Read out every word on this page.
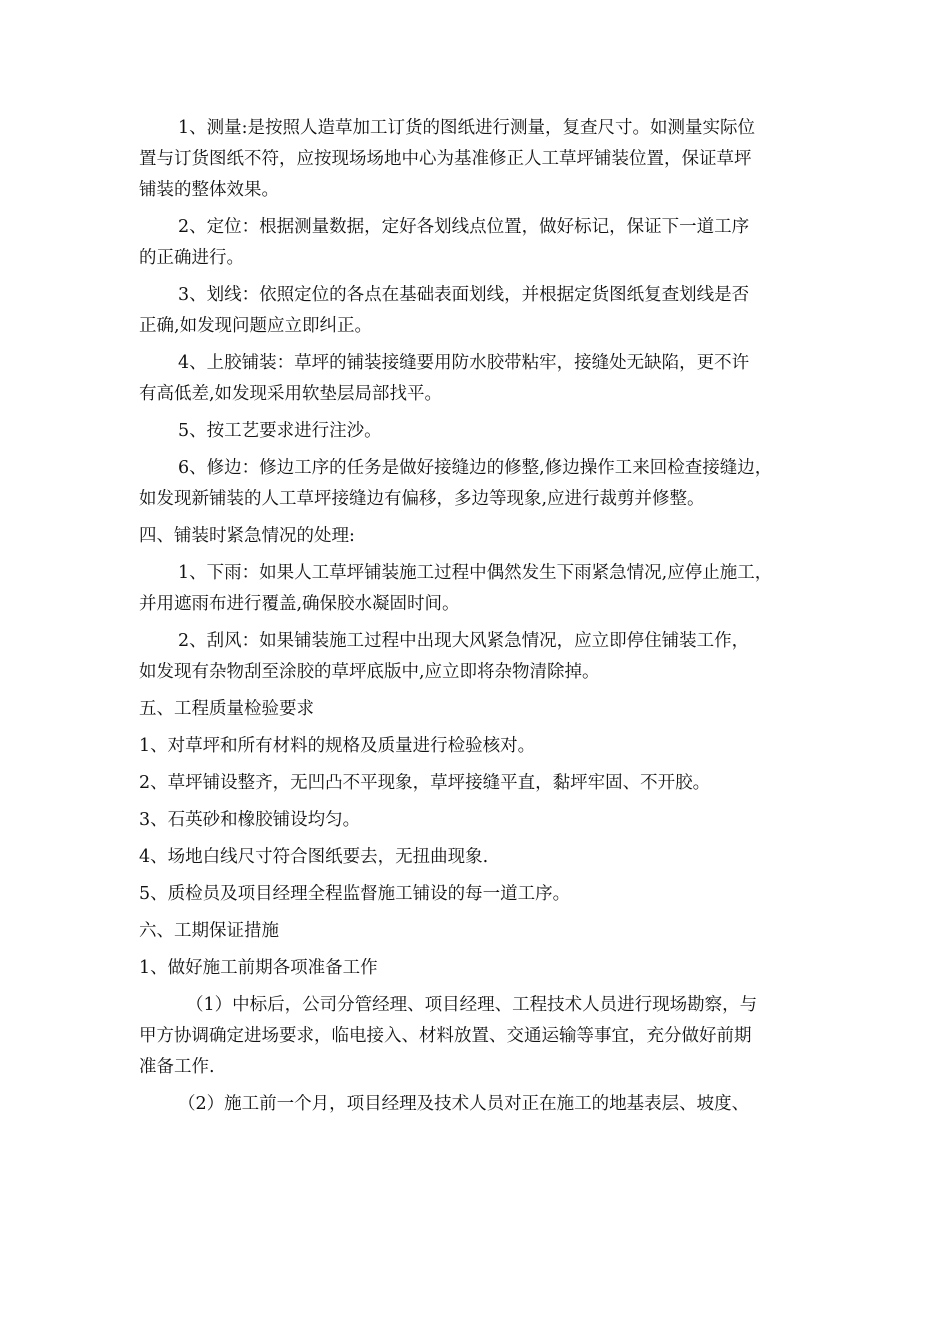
1、测量:是按照人造草加工订货的图纸进行测量，复查尺寸。如测量实际位
置与订货图纸不符，应按现场场地中心为基准修正人工草坪铺装位置，保证草坪
铺装的整体效果。
2、定位：根据测量数据，定好各划线点位置，做好标记，保证下一道工序
的正确进行。
3、划线：依照定位的各点在基础表面划线，并根据定货图纸复查划线是否
正确,如发现问题应立即纠正。
4、上胶铺装：草坪的铺装接缝要用防水胶带粘牢，接缝处无缺陷，更不许
有高低差,如发现采用软垫层局部找平。
5、按工艺要求进行注沙。
6、修边：修边工序的任务是做好接缝边的修整,修边操作工来回检查接缝边，
如发现新铺装的人工草坪接缝边有偏移，多边等现象,应进行裁剪并修整。
四、铺装时紧急情况的处理:
1、下雨：如果人工草坪铺装施工过程中偶然发生下雨紧急情况,应停止施工，
并用遮雨布进行覆盖,确保胶水凝固时间。
2、刮风：如果铺装施工过程中出现大风紧急情况，应立即停住铺装工作，
如发现有杂物刮至涂胶的草坪底版中,应立即将杂物清除掉。
五、工程质量检验要求
1、对草坪和所有材料的规格及质量进行检验核对。
2、草坪铺设整齐，无凹凸不平现象，草坪接缝平直，黏坪牢固、不开胶。
3、石英砂和橡胶铺设均匀。
4、场地白线尺寸符合图纸要去，无扭曲现象.
5、质检员及项目经理全程监督施工铺设的每一道工序。
六、工期保证措施
1、做好施工前期各项准备工作
（1）中标后，公司分管经理、项目经理、工程技术人员进行现场勘察，与
甲方协调确定进场要求，临电接入、材料放置、交通运输等事宜，充分做好前期
准备工作.
（2）施工前一个月，项目经理及技术人员对正在施工的地基表层、坡度、
